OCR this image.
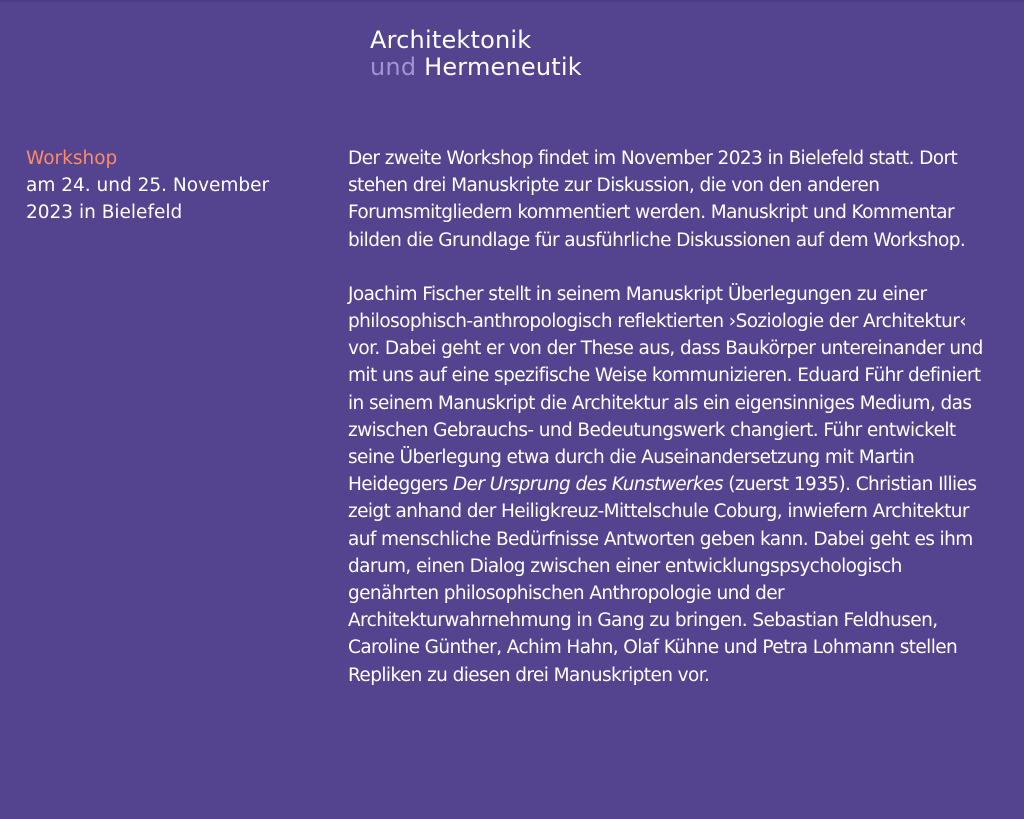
Architektonik
und Hermeneutik
Workshop
am 24. und 25. November
2023 in Bielefeld

Der zweite Workshop findet im November 2023 in Bielefeld statt. Dort stehen drei Manuskripte zur Diskussion, die von den anderen Forumsmitgliedern kommentiert werden. Manuskript und Kommentar bilden die Grundlage für ausführliche Diskussionen auf dem Workshop.

Joachim Fischer stellt in seinem Manuskript Überlegungen zu einer philosophisch-anthropologisch reflektierten ›Soziologie der Architektur‹ vor. Dabei geht er von der These aus, dass Baukörper untereinander und mit uns auf eine spezifische Weise kommunizieren. Eduard Führ definiert in seinem Manuskript die Architektur als ein eigensinniges Medium, das zwischen Gebrauchs- und Bedeutungswerk changiert. Führ entwickelt seine Überlegung etwa durch die Auseinandersetzung mit Martin Heideggers Der Ursprung des Kunstwerkes (zuerst 1935). Christian Illies zeigt anhand der Heiligkreuz-Mittelschule Coburg, inwiefern Architektur auf menschliche Bedürfnisse Antworten geben kann. Dabei geht es ihm darum, einen Dialog zwischen einer entwicklungspsychologisch genährten philosophischen Anthropologie und der Architekturwahrnehmung in Gang zu bringen. Sebastian Feldhusen, Caroline Günther, Achim Hahn, Olaf Kühne und Petra Lohmann stellen Repliken zu diesen drei Manuskripten vor.
